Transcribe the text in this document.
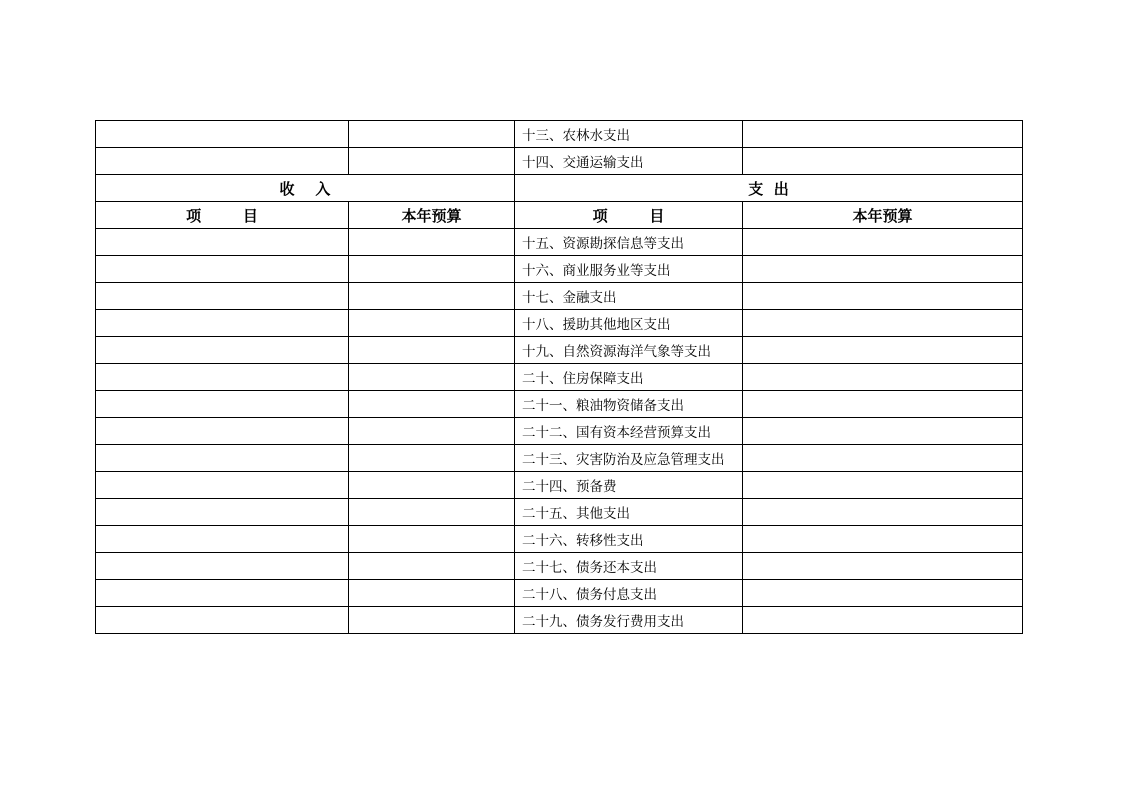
		十三、农林水支出	
		十四、交通运输支出	
收    入		支  出	
项        目	本年预算	项        目	本年预算
		十五、资源勘探信息等支出	
		十六、商业服务业等支出	
		十七、金融支出	
		十八、援助其他地区支出	
		十九、自然资源海洋气象等支出	
		二十、住房保障支出	
		二十一、粮油物资储备支出	
		二十二、国有资本经营预算支出	
		二十三、灾害防治及应急管理支出	
		二十四、预备费	
		二十五、其他支出	
		二十六、转移性支出	
		二十七、债务还本支出	
		二十八、债务付息支出	
		二十九、债务发行费用支出	
